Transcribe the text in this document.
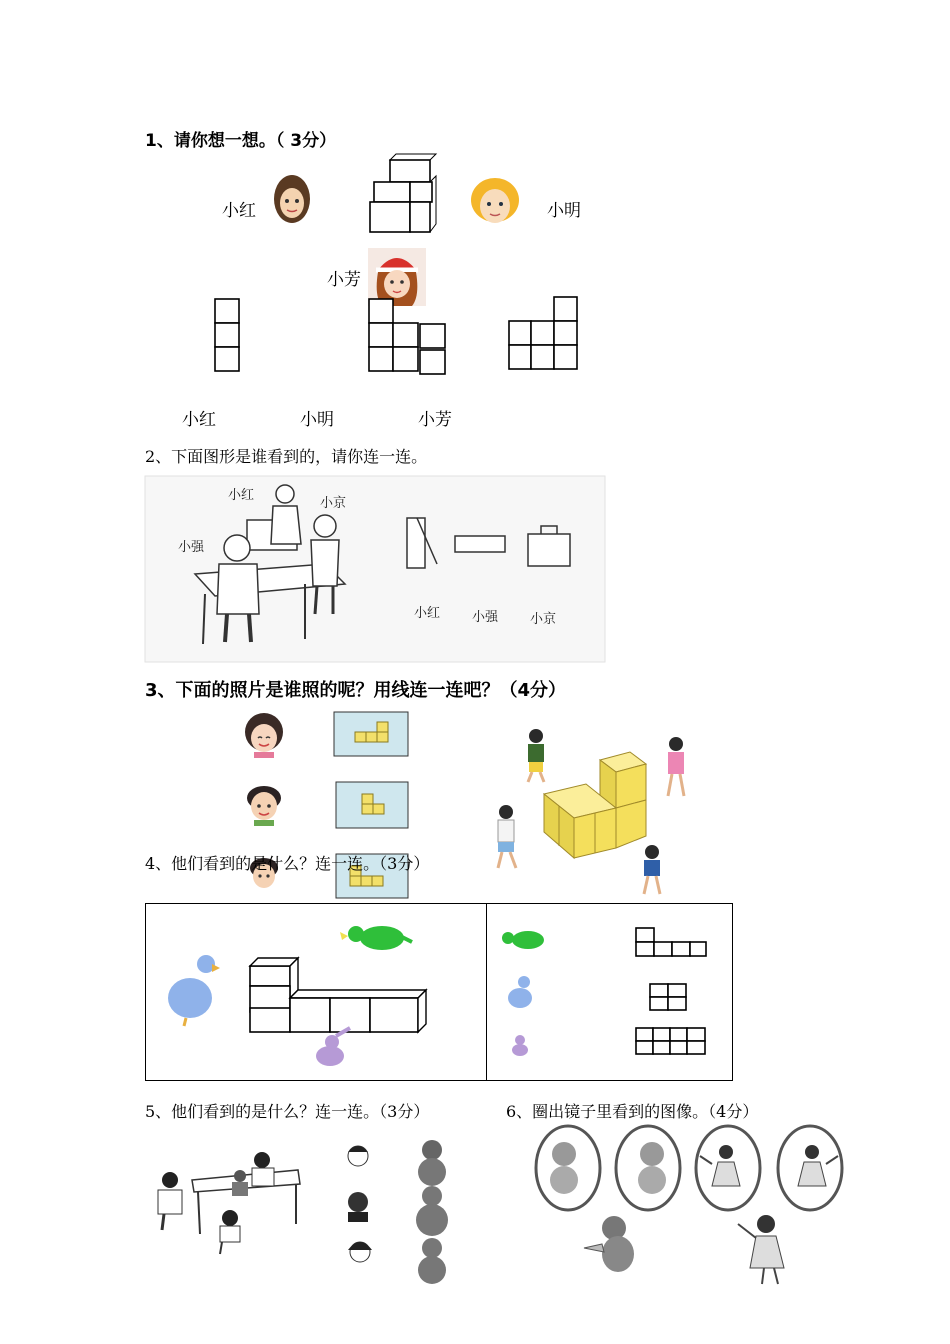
1、请你想一想。（ 3分）
小红	小明
小芳
小红	小明	小芳
2、下面图形是谁看到的，请你连一连。
小红
小京
小强
小红 小强 小京
3、下面的照片是谁照的呢？用线连一连吧？（4分）
4、他们看到的是什么？连一连。（3分）
5、他们看到的是什么？连一连。（3分）	6、圈出镜子里看到的图像。（4分）
